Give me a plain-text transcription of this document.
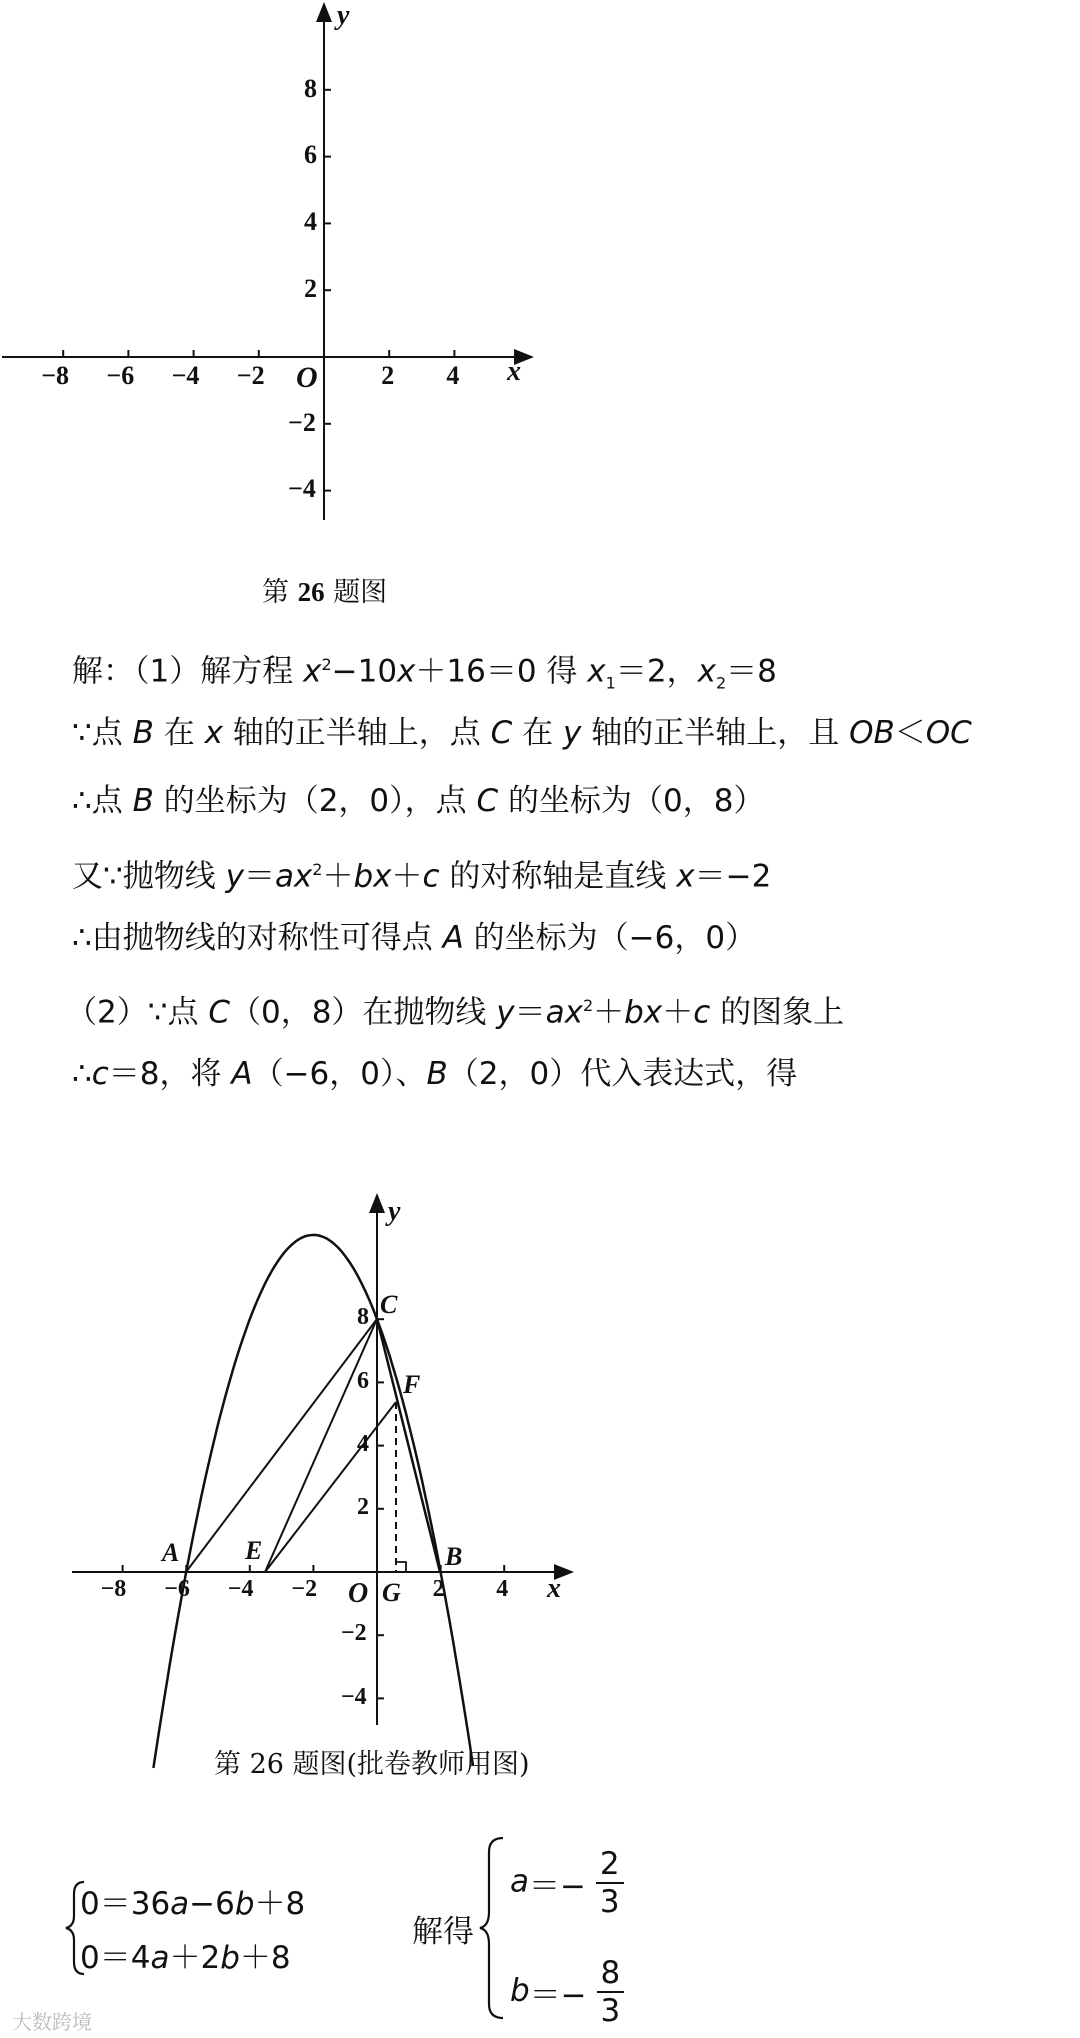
−8 −6 −4 −2	2 4
8
6
4
2
−2
−4
y
x
O
第 26 题图
解：（1）解方程 $x^2-10x+16=0$ 得 $x_1=2$，$x_2=8$
∵点 B 在 x 轴的正半轴上，点 C 在 y 轴的正半轴上，且 OB＜OC
∴点 B 的坐标为（2，0），点 C 的坐标为（0，8）
又∵抛物线 $y=ax^2+bx+c$ 的对称轴是直线 x＝−2
∴由抛物线的对称性可得点 A 的坐标为（−6，0）
（2）∵点 C（0，8）在抛物线 $y=ax^2+bx+c$ 的图象上
∴c＝8，将 A（−6，0）、B（2，0）代入表达式，得
−8 −6 −4 −2	2 4
8
6
4
2
−2
−4
y
x
O
A	E
C
F
B
G
第 26 题图(批卷教师用图)
0＝36a−6b＋8
0＝4a＋2b＋8
解得
$a=- \frac{2}{3}$
$b=- \frac{8}{3}$
大数跨境
